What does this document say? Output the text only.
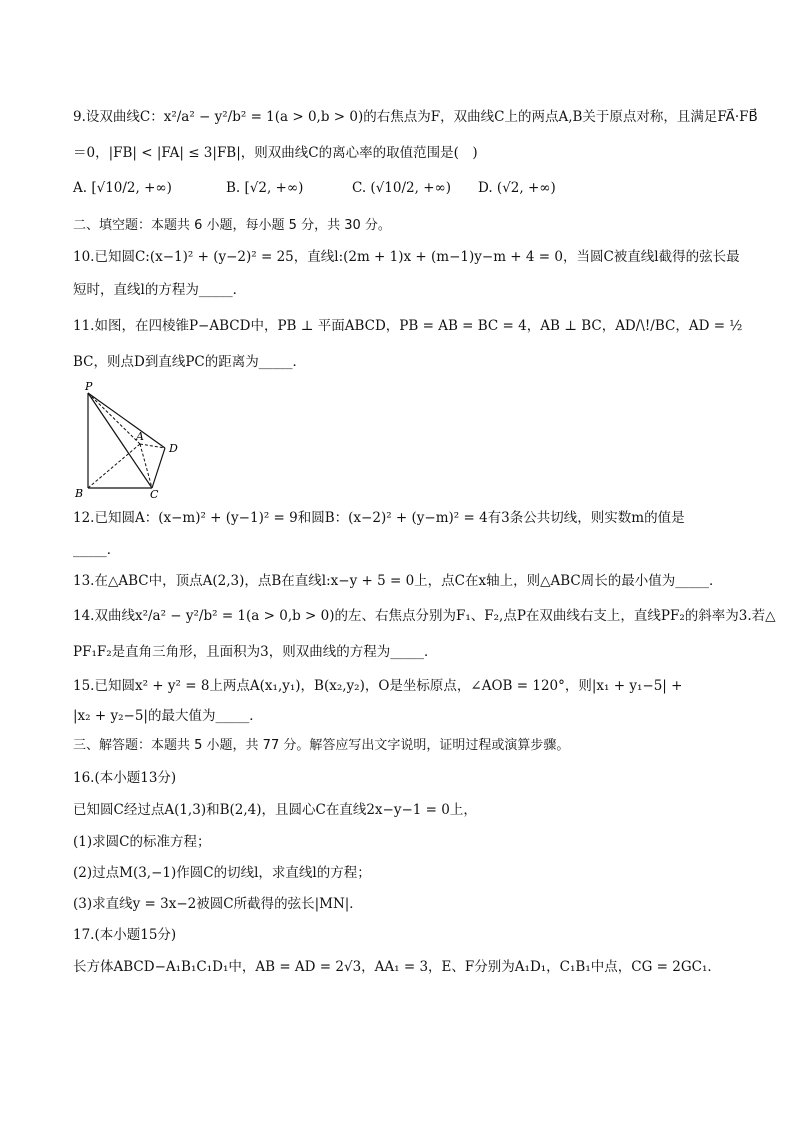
9.设双曲线C：x²/a² − y²/b² = 1(a > 0,b > 0)的右焦点为F，双曲线C上的两点A,B关于原点对称，且满足FA⃗·FB⃗
＝0，|FB| < |FA| ≤ 3|FB|，则双曲线C的离心率的取值范围是(　)
A. [√10/2, +∞)	B. [√2, +∞)	C. (√10/2, +∞) D. (√2, +∞)
二、填空题：本题共 6 小题，每小题 5 分，共 30 分。
10.已知圆C:(x−1)² + (y−2)² = 25，直线l:(2m + 1)x + (m−1)y−m + 4 = 0，当圆C被直线l截得的弦长最
短时，直线l的方程为_____．
11.如图，在四棱锥P−ABCD中，PB ⊥ 平面ABCD，PB = AB = BC = 4，AB ⊥ BC，AD/\!/BC，AD = ½
BC，则点D到直线PC的距离为_____．
P
A
D
B	C
12.已知圆A：(x−m)² + (y−1)² = 9和圆B：(x−2)² + (y−m)² = 4有3条公共切线，则实数m的值是
_____．
13.在△ABC中，顶点A(2,3)，点B在直线l:x−y + 5 = 0上，点C在x轴上，则△ABC周长的最小值为_____．
14.双曲线x²/a² − y²/b² = 1(a > 0,b > 0)的左、右焦点分别为F₁、F₂,点P在双曲线右支上，直线PF₂的斜率为3.若△
PF₁F₂是直角三角形，且面积为3，则双曲线的方程为_____．
15.已知圆x² + y² = 8上两点A(x₁,y₁)，B(x₂,y₂)，O是坐标原点，∠AOB = 120°，则|x₁ + y₁−5| +
|x₂ + y₂−5|的最大值为_____．
三、解答题：本题共 5 小题，共 77 分。解答应写出文字说明，证明过程或演算步骤。
16.(本小题13分)
已知圆C经过点A(1,3)和B(2,4)，且圆心C在直线2x−y−1 = 0上，
(1)求圆C的标准方程；
(2)过点M(3,−1)作圆C的切线l，求直线l的方程；
(3)求直线y = 3x−2被圆C所截得的弦长|MN|．
17.(本小题15分)
长方体ABCD−A₁B₁C₁D₁中，AB = AD = 2√3，AA₁ = 3，E、F分别为A₁D₁，C₁B₁中点，CG = 2GC₁．
